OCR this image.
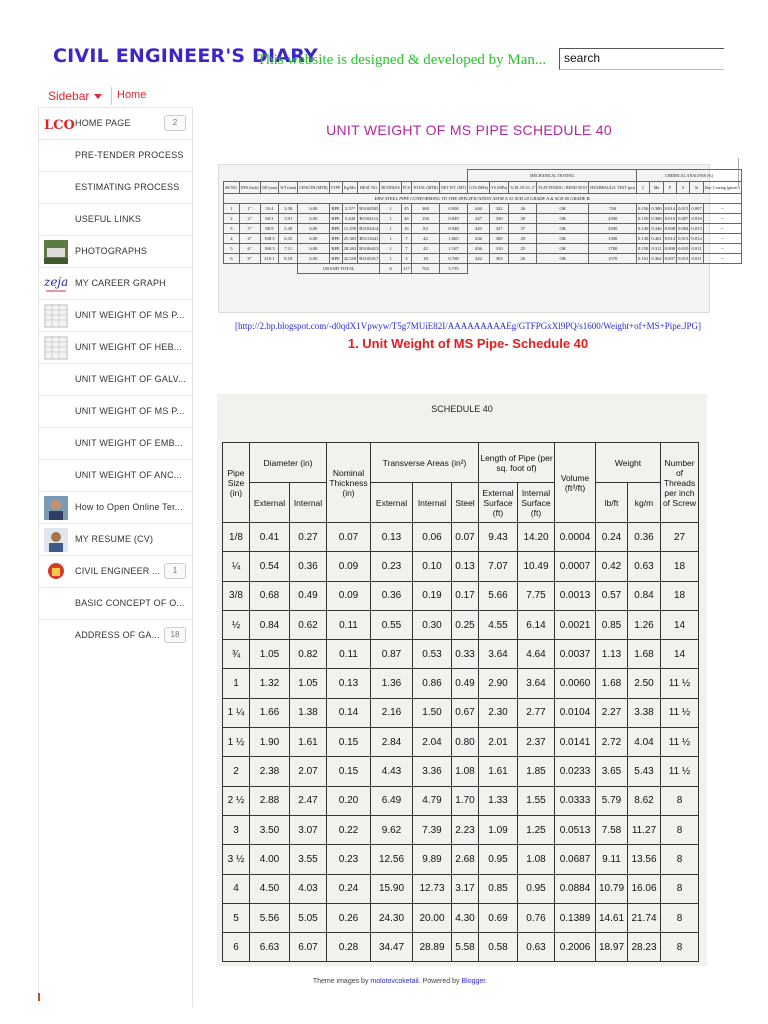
CIVIL ENGINEER'S DIARY
This website is designed & developed by Man...	search
Sidebar	Home
LCO HOME PAGE	2
PRE-TENDER PROCESS
ESTIMATING PROCESS
USEFUL LINKS
PHOTOGRAPHS
zeja MY CAREER GRAPH
UNIT WEIGHT OF MS P...
UNIT WEIGHT OF HEB...
UNIT WEIGHT OF GALV...
UNIT WEIGHT OF MS P...
UNIT WEIGHT OF EMB...
UNIT WEIGHT OF ANC...
How to Open Online Ter...
MY RESUME (CV)
CIVIL ENGINEER ...	1
BASIC CONCEPT OF O...
ADDRESS OF GA...	18
UNIT WEIGHT OF MS PIPE SCHEDULE 40
												MECHANICAL TESTING					CHEMICAL ANALYSIS (%)					
SR NO.	NPS (inch)	OD (mm)	WT (mm)	LENGTH (MTR)	TYPE	Kg/Mtr	HEAT NO.	BUNDLES	PCS	TOTAL (MTR)	NET WT. (MT)	UTS (MPa)	YS (MPa)	% EL IN GL 2"	FLATTENING / BEND TEST	HYADRAULIC TEST (psi)	C	Mn	P	S	Si	Zinc Coating (gm/m²)
ERW STEEL PIPE CONFORMING TO THE SPECIFICATION ASTM A 53 SCH 20 GRADE A & SCH 40 GRADE B.																						
1	1"	33.4	3.38	6.00	BPE	2.5??	B3104505	1	45	360	0.900	440	322	26	OK	700	0.156	0.380	0.014	0.013	0.007	--
2	2"	60.3	3.91	6.00	BPE	5.440	B3104112	1	26	156	0.849	447	330	30	OK	2500	0.150	0.380	0.010	0.007	0.010	--
3	3"	88.9	5.49	6.00	BPE	11.290	B3104414	1	16	84	0.948	443	327	37	OK	2500	0.149	0.346	0.008	0.004	0.013	--
4	4"	108.3	6.35	6.00	BPE	25.365	B3113441	1	7	42	1.065	436	300	29	OK	1300	0.138	0.461	0.014	0.013	0.014	--
5	6"	168.3	7.11	6.00	BPE	28.263	B3106413	1	7	42	1.167	436	310	25	OK	1780	0.158	0.311	0.008	0.010	0.011	--
6	8"	219.1	8.18	6.00	BPE	42.550	B3105417	1	3	18	0.768	442	303	26	OK	1570	0.161	0.362	0.007	0.013	0.011	--
				GRAND TOTAL				6	117	702	5.735											
[http://2.bp.blogspot.com/-d0qdX1Vpwyw/T5g7MUiE82I/AAAAAAAAAEg/GTFPGxXl9PQ/s1600/Weight+of+MS+Pipe.JPG]
1. Unit Weight of MS Pipe- Schedule 40
SCHEDULE 40
Pipe Size (in)	Diameter (in)		Nominal Thickness (in)	Transverse Areas (in²)			Length of Pipe (per sq. foot of)		Volume (ft³/ft)	Weight		Number of Threads per inch of Screw
	External	Internal		External	Internal	Steel	External Surface (ft)	Internal Surface (ft)		lb/ft	kg/m	
1/8	0.41	0.27	0.07	0.13	0.06	0.07	9.43	14.20	0.0004	0.24	0.36	27
¼	0.54	0.36	0.09	0.23	0.10	0.13	7.07	10.49	0.0007	0.42	0.63	18
3/8	0.68	0.49	0.09	0.36	0.19	0.17	5.66	7.75	0.0013	0.57	0.84	18
½	0.84	0.62	0.11	0.55	0.30	0.25	4.55	6.14	0.0021	0.85	1.26	14
¾	1.05	0.82	0.11	0.87	0.53	0.33	3.64	4.64	0.0037	1.13	1.68	14
1	1.32	1.05	0.13	1.36	0.86	0.49	2.90	3.64	0.0060	1.68	2.50	11 ½
1 ¼	1.66	1.38	0.14	2.16	1.50	0.67	2.30	2.77	0.0104	2.27	3.38	11 ½
1 ½	1.90	1.61	0.15	2.84	2.04	0.80	2.01	2.37	0.0141	2.72	4.04	11 ½
2	2.38	2.07	0.15	4.43	3.36	1.08	1.61	1.85	0.0233	3.65	5.43	11 ½
2 ½	2.88	2.47	0.20	6.49	4.79	1.70	1.33	1.55	0.0333	5.79	8.62	8
3	3.50	3.07	0.22	9.62	7.39	2.23	1.09	1.25	0.0513	7.58	11.27	8
3 ½	4.00	3.55	0.23	12.56	9.89	2.68	0.95	1.08	0.0687	9.11	13.56	8
4	4.50	4.03	0.24	15.90	12.73	3.17	0.85	0.95	0.0884	10.79	16.06	8
5	5.56	5.05	0.26	24.30	20.00	4.30	0.69	0.76	0.1389	14.61	21.74	8
6	6.63	6.07	0.28	34.47	28.89	5.58	0.58	0.63	0.2006	18.97	28.23	8
Theme images by molotovcoketail. Powered by Blogger.
